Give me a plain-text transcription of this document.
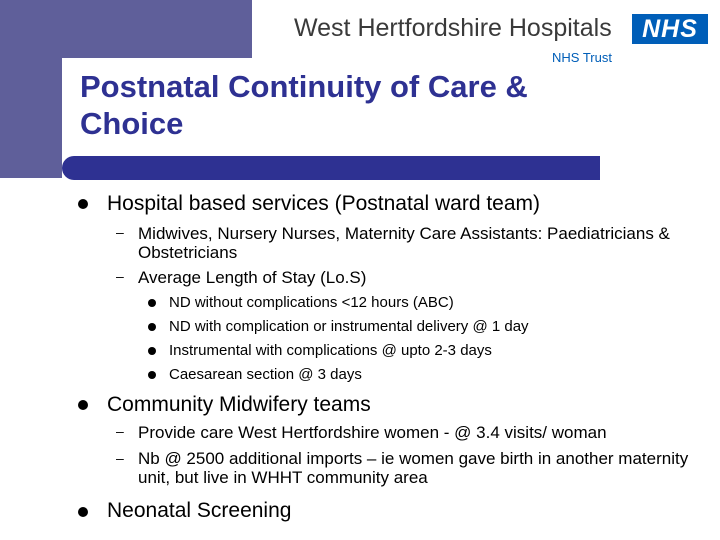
West Hertfordshire Hospitals
NHS Trust
NHS
Postnatal Continuity of Care & Choice
Hospital based services (Postnatal ward team)
– Midwives, Nursery Nurses, Maternity Care Assistants: Paediatricians & Obstetricians
– Average Length of Stay (Lo.S)
ND without complications <12 hours (ABC)
ND with complication or instrumental delivery @ 1 day
Instrumental with complications @ upto 2-3 days
Caesarean section @ 3 days
Community Midwifery teams
– Provide care West Hertfordshire women - @ 3.4 visits/ woman
– Nb @ 2500 additional imports – ie women gave birth in another maternity unit, but live in WHHT community area
Neonatal Screening
